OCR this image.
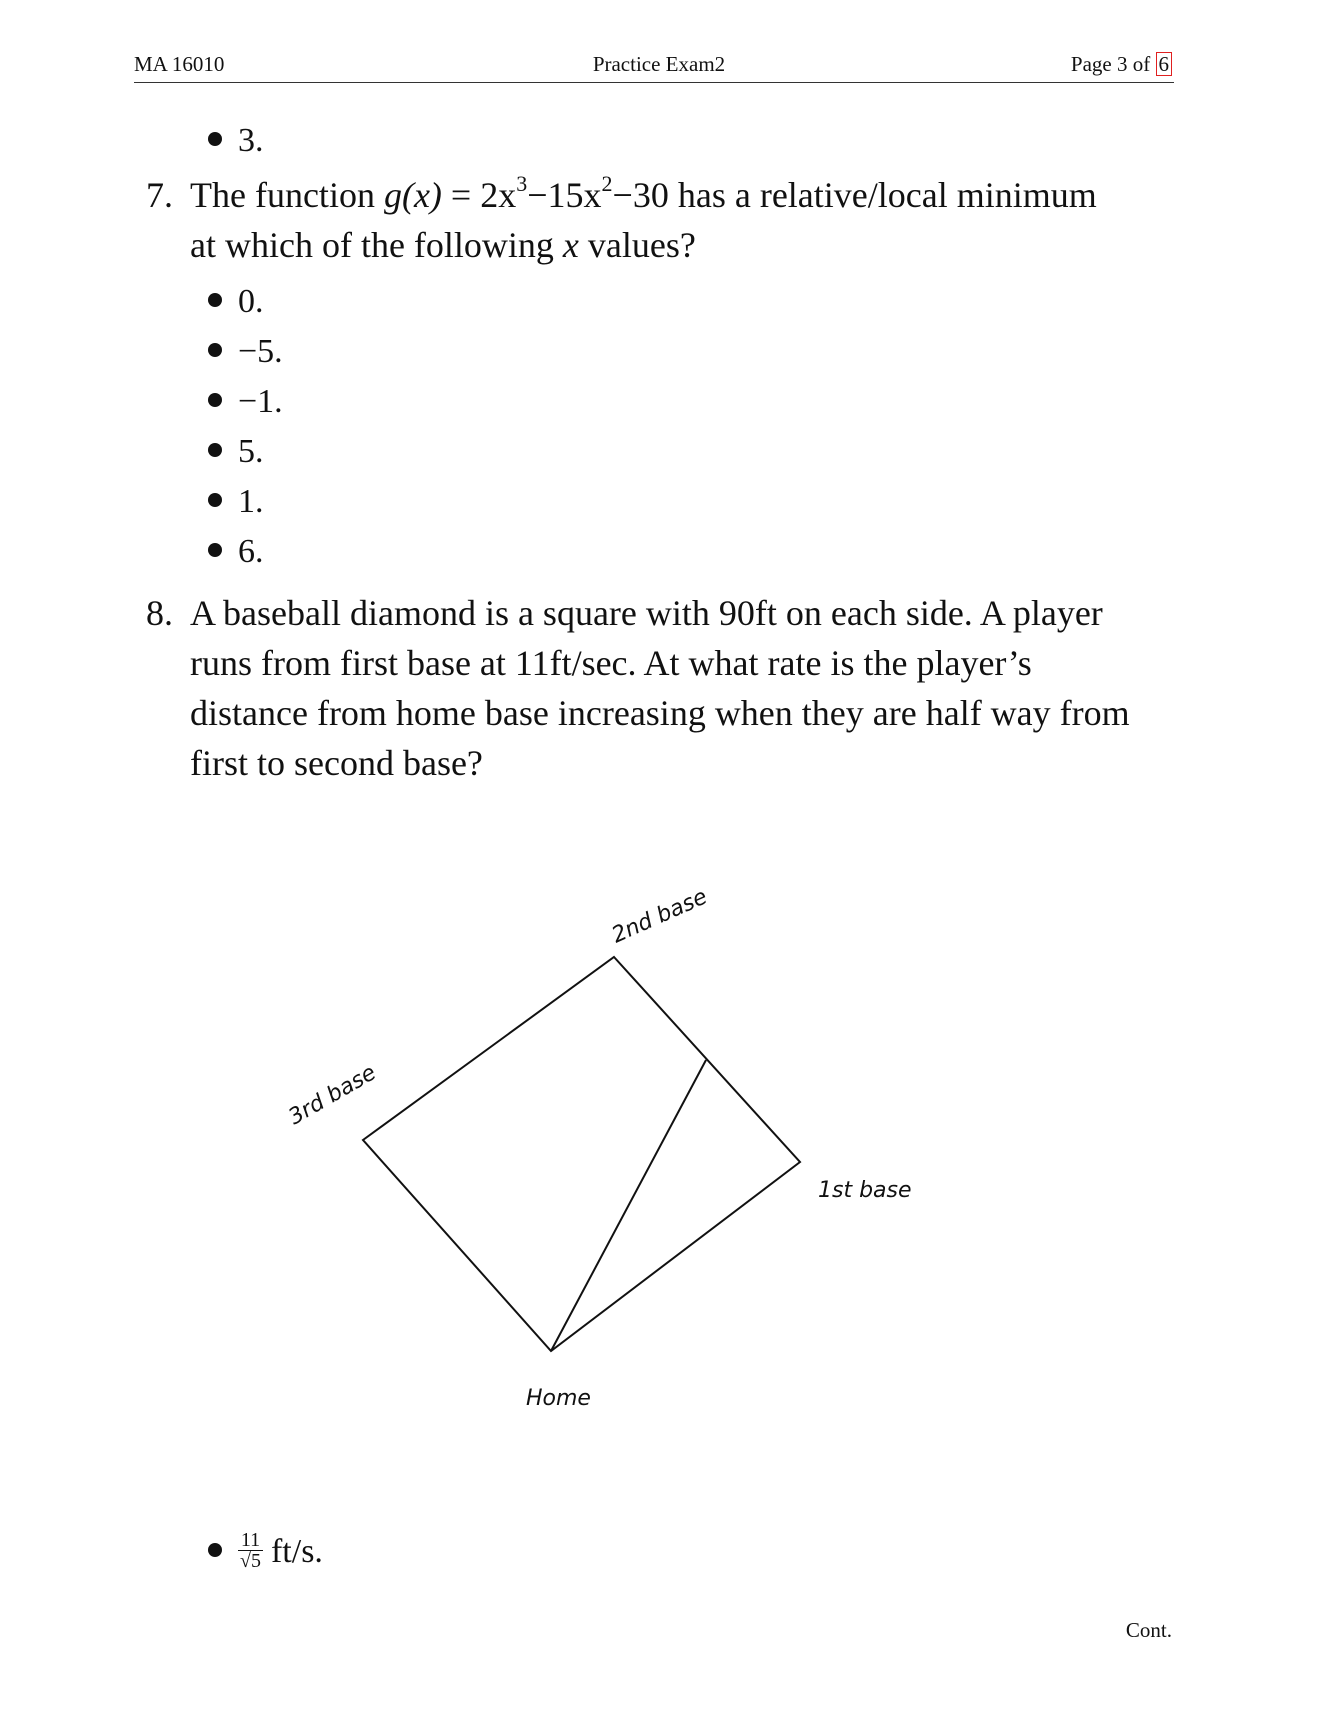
MA 16010	Practice Exam2	Page 3 of 6
3.
7. The function $g(x) = 2x^3-15x^2-30$ has a relative/local minimum
at which of the following x values?
0.
−5.
−1.
5.
1.
6.
8. A baseball diamond is a square with 90ft on each side. A player
runs from first base at 11ft/sec. At what rate is the player’s
distance from home base increasing when they are half way from
first to second base?
2nd base
3rd base
1st base
Home
$\frac{11}{√5} ft/s$.
Cont.
